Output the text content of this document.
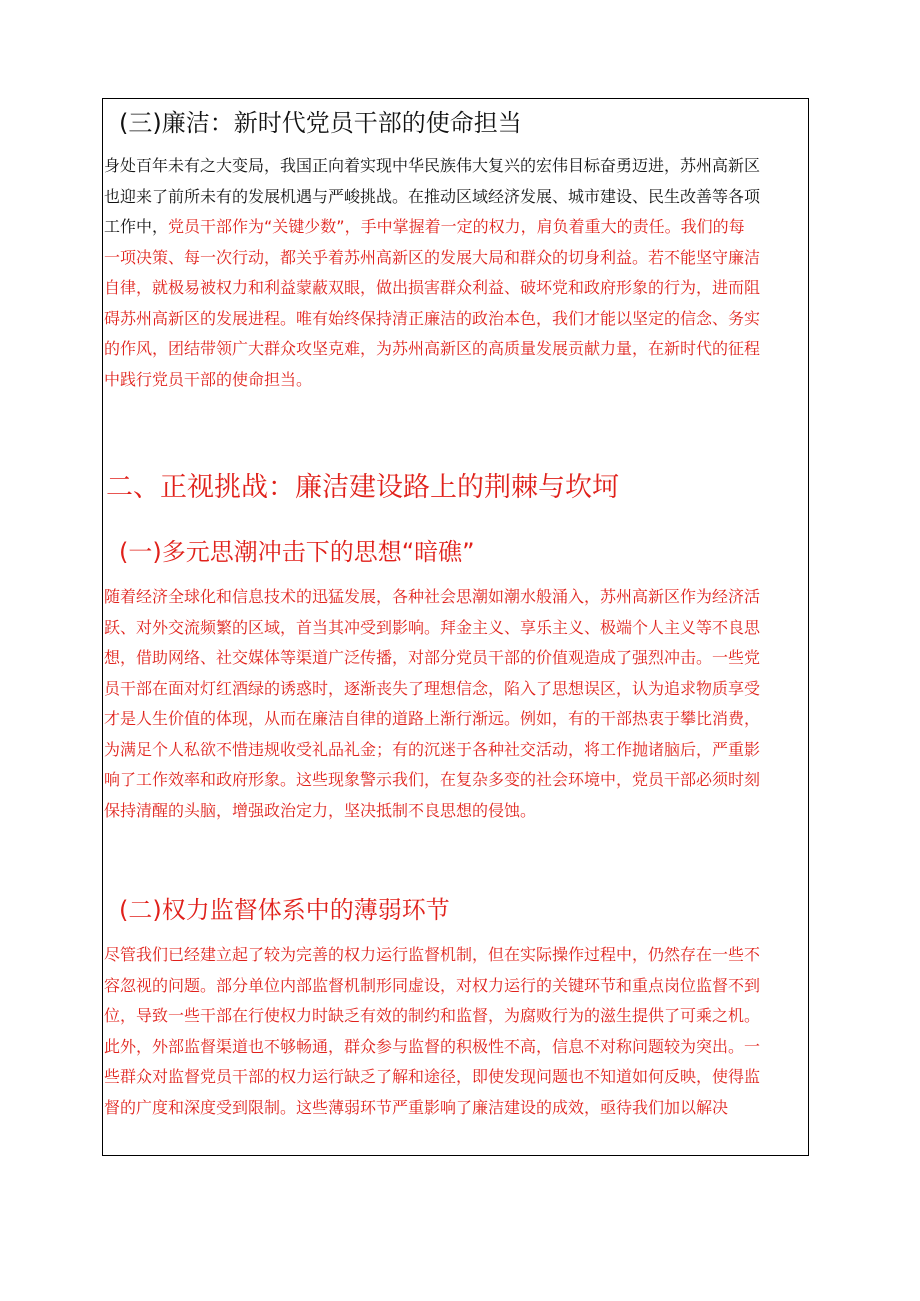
(三)廉洁：新时代党员干部的使命担当
身处百年未有之大变局，我国正向着实现中华民族伟大复兴的宏伟目标奋勇迈进，苏州高新区
也迎来了前所未有的发展机遇与严峻挑战。在推动区域经济发展、城市建设、民生改善等各项
工作中，党员干部作为“关键少数”，手中掌握着一定的权力，肩负着重大的责任。我们的每
一项决策、每一次行动，都关乎着苏州高新区的发展大局和群众的切身利益。若不能坚守廉洁
自律，就极易被权力和利益蒙蔽双眼，做出损害群众利益、破坏党和政府形象的行为，进而阻
碍苏州高新区的发展进程。唯有始终保持清正廉洁的政治本色，我们才能以坚定的信念、务实
的作风，团结带领广大群众攻坚克难，为苏州高新区的高质量发展贡献力量，在新时代的征程
中践行党员干部的使命担当。
二、正视挑战：廉洁建设路上的荆棘与坎坷
(一)多元思潮冲击下的思想“暗礁”
随着经济全球化和信息技术的迅猛发展，各种社会思潮如潮水般涌入，苏州高新区作为经济活
跃、对外交流频繁的区域，首当其冲受到影响。拜金主义、享乐主义、极端个人主义等不良思
想，借助网络、社交媒体等渠道广泛传播，对部分党员干部的价值观造成了强烈冲击。一些党
员干部在面对灯红酒绿的诱惑时，逐渐丧失了理想信念，陷入了思想误区，认为追求物质享受
才是人生价值的体现，从而在廉洁自律的道路上渐行渐远。例如，有的干部热衷于攀比消费，
为满足个人私欲不惜违规收受礼品礼金；有的沉迷于各种社交活动，将工作抛诸脑后，严重影
响了工作效率和政府形象。这些现象警示我们，在复杂多变的社会环境中，党员干部必须时刻
保持清醒的头脑，增强政治定力，坚决抵制不良思想的侵蚀。
(二)权力监督体系中的薄弱环节
尽管我们已经建立起了较为完善的权力运行监督机制，但在实际操作过程中，仍然存在一些不
容忽视的问题。部分单位内部监督机制形同虚设，对权力运行的关键环节和重点岗位监督不到
位，导致一些干部在行使权力时缺乏有效的制约和监督，为腐败行为的滋生提供了可乘之机。
此外，外部监督渠道也不够畅通，群众参与监督的积极性不高，信息不对称问题较为突出。一
些群众对监督党员干部的权力运行缺乏了解和途径，即使发现问题也不知道如何反映，使得监
督的广度和深度受到限制。这些薄弱环节严重影响了廉洁建设的成效，亟待我们加以解决
